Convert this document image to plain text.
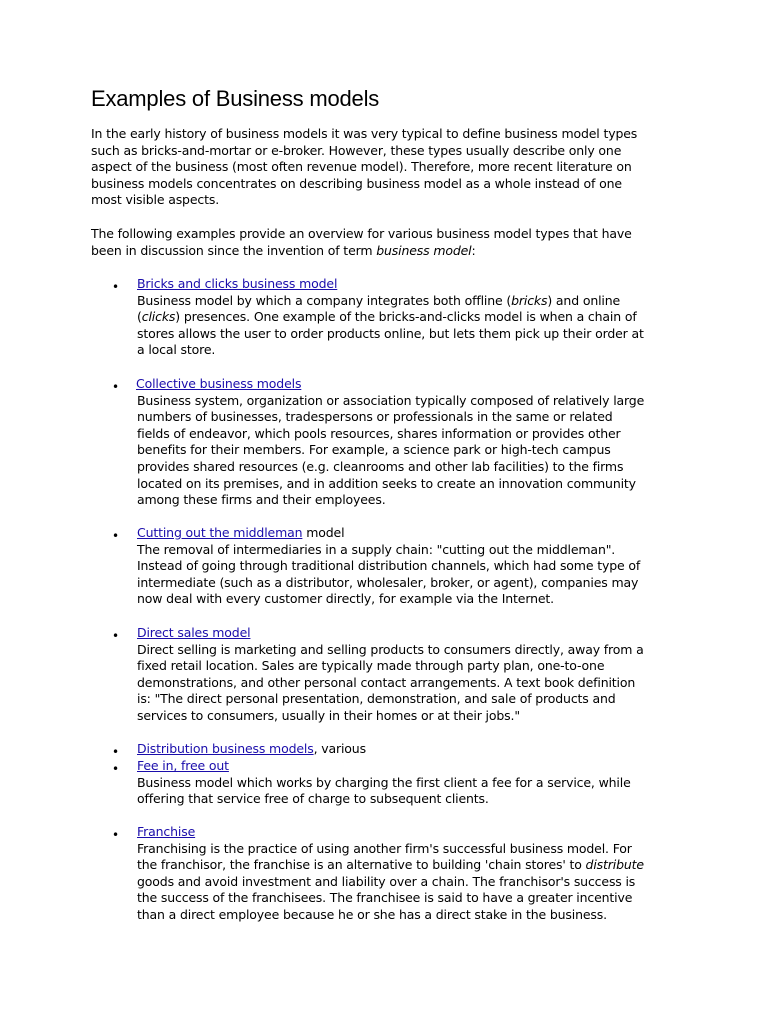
Examples of Business models

In the early history of business models it was very typical to define business model types
such as bricks-and-mortar or e-broker. However, these types usually describe only one
aspect of the business (most often revenue model). Therefore, more recent literature on
business models concentrates on describing business model as a whole instead of one
most visible aspects.

The following examples provide an overview for various business model types that have
been in discussion since the invention of term business model:

• Bricks and clicks business model
Business model by which a company integrates both offline (bricks) and online
(clicks) presences. One example of the bricks-and-clicks model is when a chain of
stores allows the user to order products online, but lets them pick up their order at
a local store.
• Collective business models
Business system, organization or association typically composed of relatively large
numbers of businesses, tradespersons or professionals in the same or related
fields of endeavor, which pools resources, shares information or provides other
benefits for their members. For example, a science park or high-tech campus
provides shared resources (e.g. cleanrooms and other lab facilities) to the firms
located on its premises, and in addition seeks to create an innovation community
among these firms and their employees.
• Cutting out the middleman model
The removal of intermediaries in a supply chain: "cutting out the middleman".
Instead of going through traditional distribution channels, which had some type of
intermediate (such as a distributor, wholesaler, broker, or agent), companies may
now deal with every customer directly, for example via the Internet.
• Direct sales model
Direct selling is marketing and selling products to consumers directly, away from a
fixed retail location. Sales are typically made through party plan, one-to-one
demonstrations, and other personal contact arrangements. A text book definition
is: "The direct personal presentation, demonstration, and sale of products and
services to consumers, usually in their homes or at their jobs."
• Distribution business models, various
• Fee in, free out
Business model which works by charging the first client a fee for a service, while
offering that service free of charge to subsequent clients.
• Franchise
Franchising is the practice of using another firm's successful business model. For
the franchisor, the franchise is an alternative to building 'chain stores' to distribute
goods and avoid investment and liability over a chain. The franchisor's success is
the success of the franchisees. The franchisee is said to have a greater incentive
than a direct employee because he or she has a direct stake in the business.
